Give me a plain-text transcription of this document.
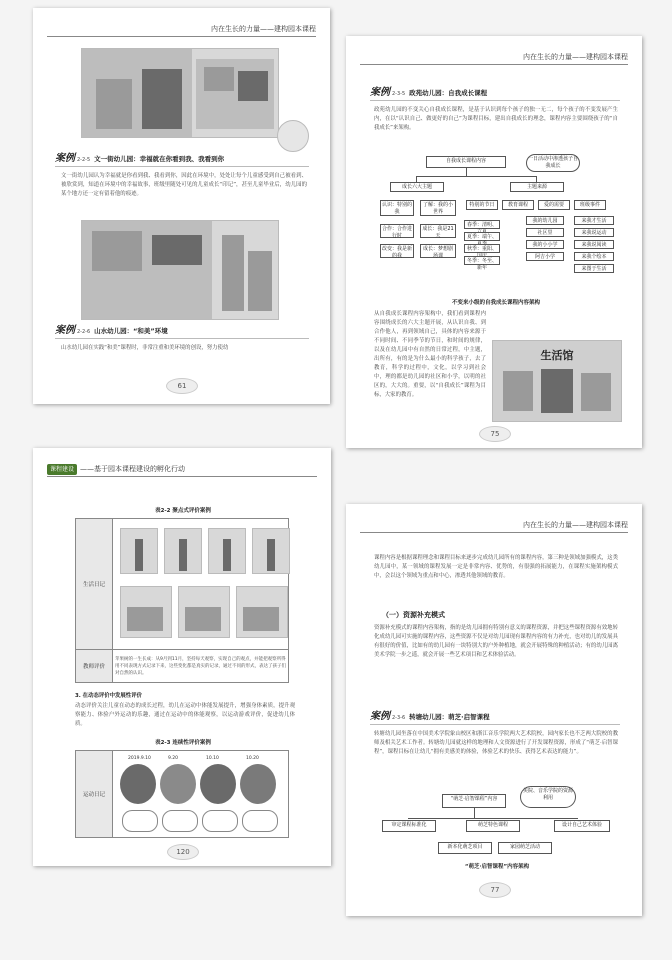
内在生长的力量——建构园本课程
案例 2-2-5 文一街幼儿园：幸福就在你看到我、我看到你
文一街幼儿园认为幸福就是你看到我、我看到你，因此在环境中，处处让每个儿童感受到自己被看到、被欣赏到，知道在环境中的幸福故事，班级里随处可见的儿童成长“印记”，甚至儿童毕业后，幼儿园的某个地方还一定有留着他的痕迹。
案例 2-2-6 山水幼儿园：“和美”环境
山水幼儿园在实践“和美”课程时，非常注重和美环境的创设，努力使幼
61
内在生长的力量——建构园本课程
案例 2-3-5 政苑幼儿园：自我成长课程
政苑幼儿园的不变关心自我成长课程，是基于认识到每个孩子的独一无二，每个孩子的不变发展产生内，在以“认识自己、做更好的自己”为课程目标，建出自我成长的理念，课程内容主要围绕孩子的“自我成长”来架构。
自我成长课程内容	一日活动中渗透孩子自我成长
成长六大主题	主题来源
认识：特别的我
了解：我的小世界
特别的节日	教育课程	爱的需要	班级事件
合作：合作进行时
改变：我是新的我
成长：我是21天
成长：梦想剧场课
春季：清明、
夏季：端午、
秋季：重阳、
冬季：冬至、新年
我的幼儿园
社区里
我的小小学
阿吉小学
来我才生活
来我说运动
来我说阅读
来我个绘本
来图于生活
不变来小级的自我成长课程内容架构
从自我成长课程内容架构中，我们看到课程内容围绕成长的六大主题开展，从认识自我、到合作他人，再到领域自己，具体的内容来源于不同时间、不同季节的节日，和时间的规律，以及在幼儿园中有自然的日常过程，中主题，出所有，有的是为什么最小的科学孩子，去了教育，科学的过程中，文化，以学习到社会中，理的都是幼儿园的社区和小学，以明的社区的，大大的。重要，以“自我成长”课程为目标，大家的教育。
生活馆
75
课程建设 ——基于园本课程建设的孵化行动
表2-2 聚点式评价案例
生活日记	

教师评价	苹果树的一生长成：从9月到11月，坚持每天观察，实现自己的观点，并能把观察所得用不同表现方式记录下来，这些变化都是真实的记录，通过不同的形式，表达了孩子们对自然的认识。
3. 在动态评价中发展性评价
动态评价关注儿童在动态的成长过程，幼儿在运动中体能发展提升，增强身体素质，提升观察能力、体验户外运动的乐趣，通过在运动中的体能观察，以运动游戏评价，促进幼儿体质。
表2-3 连续性评价案例
运动日记	
2019.9.10	9.20	10.10	10.20
120
内在生长的力量——建构园本课程
课程内容是根据课程理念和课程目标来逐步完成幼儿园所有的课程内容，第三种是领域加强模式，这类幼儿园中，某一领域的课程发展一定是非常内容、优势的，有很强的拓展能力，在课程实施架构模式中，会以这个领域为重点和中心，渗透其他领域的教育。
（一）资源补充模式
资源补充模式的课程内容架构，指的是幼儿园拥有特别有意义的课程资源，并把这些课程资源有效地转化成幼儿园可实施的课程内容，这些资源不仅是对幼儿园现有课程内容的有力补充，也对幼儿的发展具有很好的价值，比如有的幼儿园有一块特别大的户外种植地，就会开展特殊的种植活动；有的幼儿园离美术学院一步之遥，就会开展一些艺术项目和艺术体验活动。
案例 2-3-6 转塘幼儿园：萌芝·启智课程
转塘幼儿园坐落在中国美术学院象山校区和浙江音乐学院两大艺术院校，园内家长也不乏两大院校的教师及相关艺术工作者。转塘幼儿园就这样的地理和人文资源进行了开发课程资源，形成了“萌芝·启智课程”，课程目标在让幼儿“拥有美感美的体验，体验艺术的快乐、获得艺术表达的能力”。
“萌芝·启智课程”内容
美院、音乐学院的资源利用
审定课程标准化	萌芝特色课程
新本化萌芝项目	家园萌芝活动
设计自己艺术体验
“萌芝·启智课程”内容架构
77
